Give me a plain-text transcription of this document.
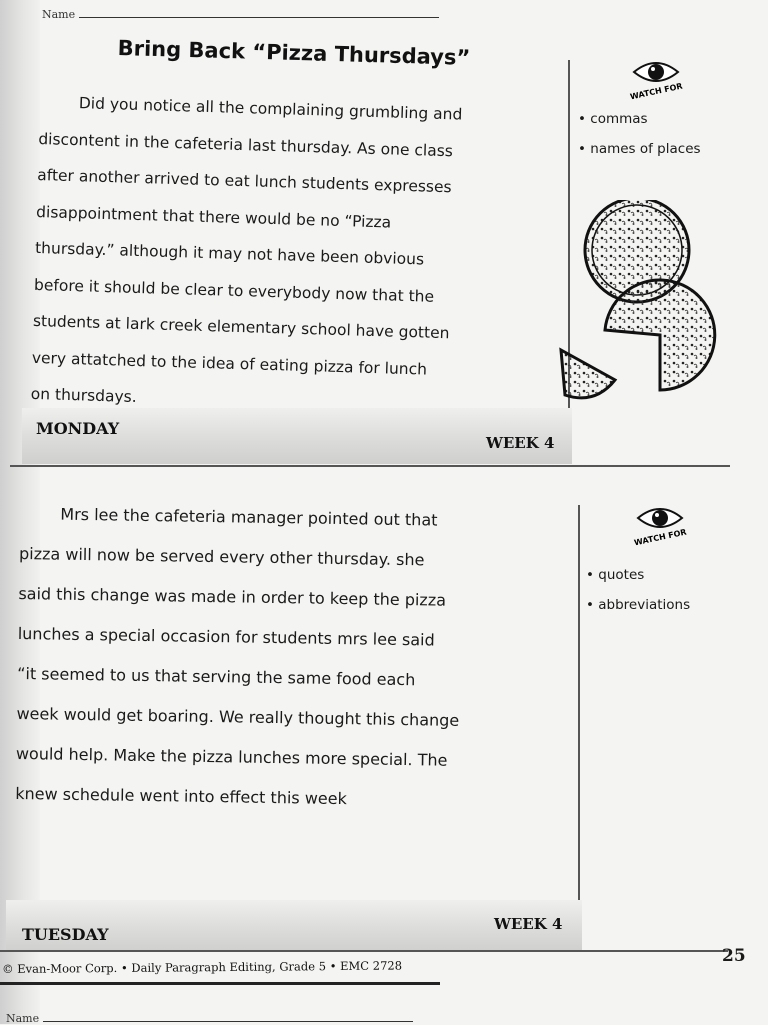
Name
Bring Back “Pizza Thursdays”
Did you notice all the complaining grumbling and
discontent in the cafeteria last thursday. As one class
after another arrived to eat lunch students expresses
disappointment that there would be no “Pizza
thursday.” although it may not have been obvious
before it should be clear to everybody now that the
students at lark creek elementary school have gotten
very attatched to the idea of eating pizza for lunch
on thursdays.
WATCH FOR
• commas
• names of places
MONDAY
WEEK 4
Mrs lee the cafeteria manager pointed out that
pizza will now be served every other thursday. she
said this change was made in order to keep the pizza
lunches a special occasion for students mrs lee said
“it seemed to us that serving the same food each
week would get boaring. We really thought this change
would help. Make the pizza lunches more special. The
knew schedule went into effect this week
WATCH FOR
• quotes
• abbreviations
TUESDAY
WEEK 4
© Evan-Moor Corp. • Daily Paragraph Editing, Grade 5 • EMC 2728
25
Name
